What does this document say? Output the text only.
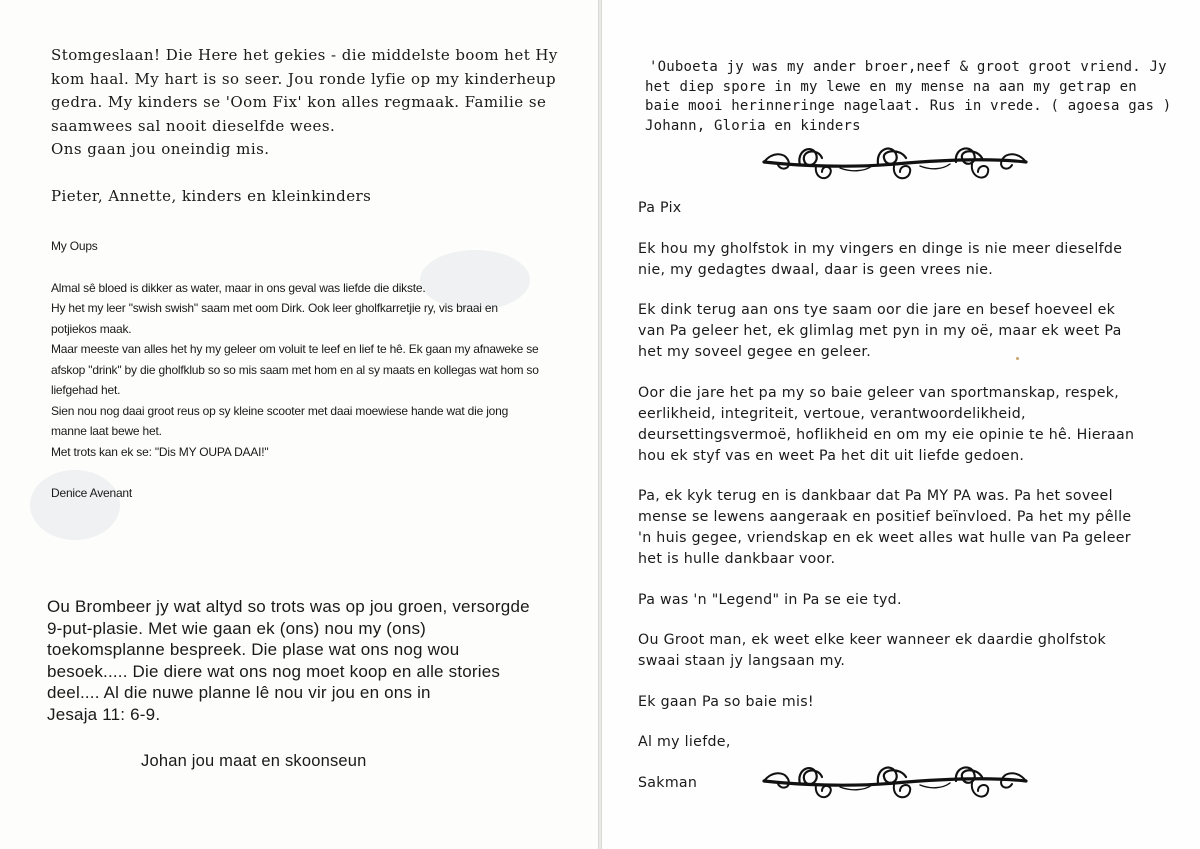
Stomgeslaan! Die Here het gekies - die middelste boom het Hy

kom haal. My hart is so seer. Jou ronde lyfie op my kinderheup

gedra. My kinders se 'Oom Fix' kon alles regmaak. Familie se

saamwees sal nooit dieselfde wees.

Ons gaan jou oneindig mis.

Pieter, Annette, kinders en kleinkinders

My Oups

Almal sê bloed is dikker as water, maar in ons geval was liefde die dikste.

Hy het my leer "swish swish" saam met oom Dirk. Ook leer gholfkarretjie ry, vis braai en

potjiekos maak.

Maar meeste van alles het hy my geleer om voluit te leef en lief te hê. Ek gaan my afnaweke se

afskop "drink" by die gholfklub so so mis saam met hom en al sy maats en kollegas wat hom so

liefgehad het.

Sien nou nog daai groot reus op sy kleine scooter met daai moewiese hande wat die jong

manne laat bewe het.

Met trots kan ek se: "Dis MY OUPA DAAI!"

Denice Avenant

Ou Brombeer jy wat altyd so trots was op jou groen, versorgde

9-put-plasie. Met wie gaan ek (ons) nou my (ons)

toekomsplanne bespreek. Die plase wat ons nog wou

besoek..... Die diere wat ons nog moet koop en alle stories

deel.... Al die nuwe planne lê nou vir jou en ons in

Jesaja 11: 6-9.

Johan jou maat en skoonseun

'Ouboeta jy was my ander broer,neef & groot groot vriend. Jy

het diep spore in my lewe en my mense na aan my getrap en

baie mooi herinneringe nagelaat. Rus in vrede. ( agoesa gas )

Johann, Gloria en kinders

Pa Pix

Ek hou my gholfstok in my vingers en dinge is nie meer dieselfde
nie, my gedagtes dwaal, daar is geen vrees nie.

Ek dink terug aan ons tye saam oor die jare en besef hoeveel ek
van Pa geleer het, ek glimlag met pyn in my oë, maar ek weet Pa
het my soveel gegee en geleer.

Oor die jare het pa my so baie geleer van sportmanskap, respek,
eerlikheid, integriteit, vertoue, verantwoordelikheid,
deursettingsvermoë, hoflikheid en om my eie opinie te hê. Hieraan
hou ek styf vas en weet Pa het dit uit liefde gedoen.

Pa, ek kyk terug en is dankbaar dat Pa MY PA was. Pa het soveel
mense se lewens aangeraak en positief beïnvloed. Pa het my pêlle
'n huis gegee, vriendskap en ek weet alles wat hulle van Pa geleer
het is hulle dankbaar voor.

Pa was 'n "Legend" in Pa se eie tyd.

Ou Groot man, ek weet elke keer wanneer ek daardie gholfstok
swaai staan jy langsaan my.

Ek gaan Pa so baie mis!

Al my liefde,

Sakman
